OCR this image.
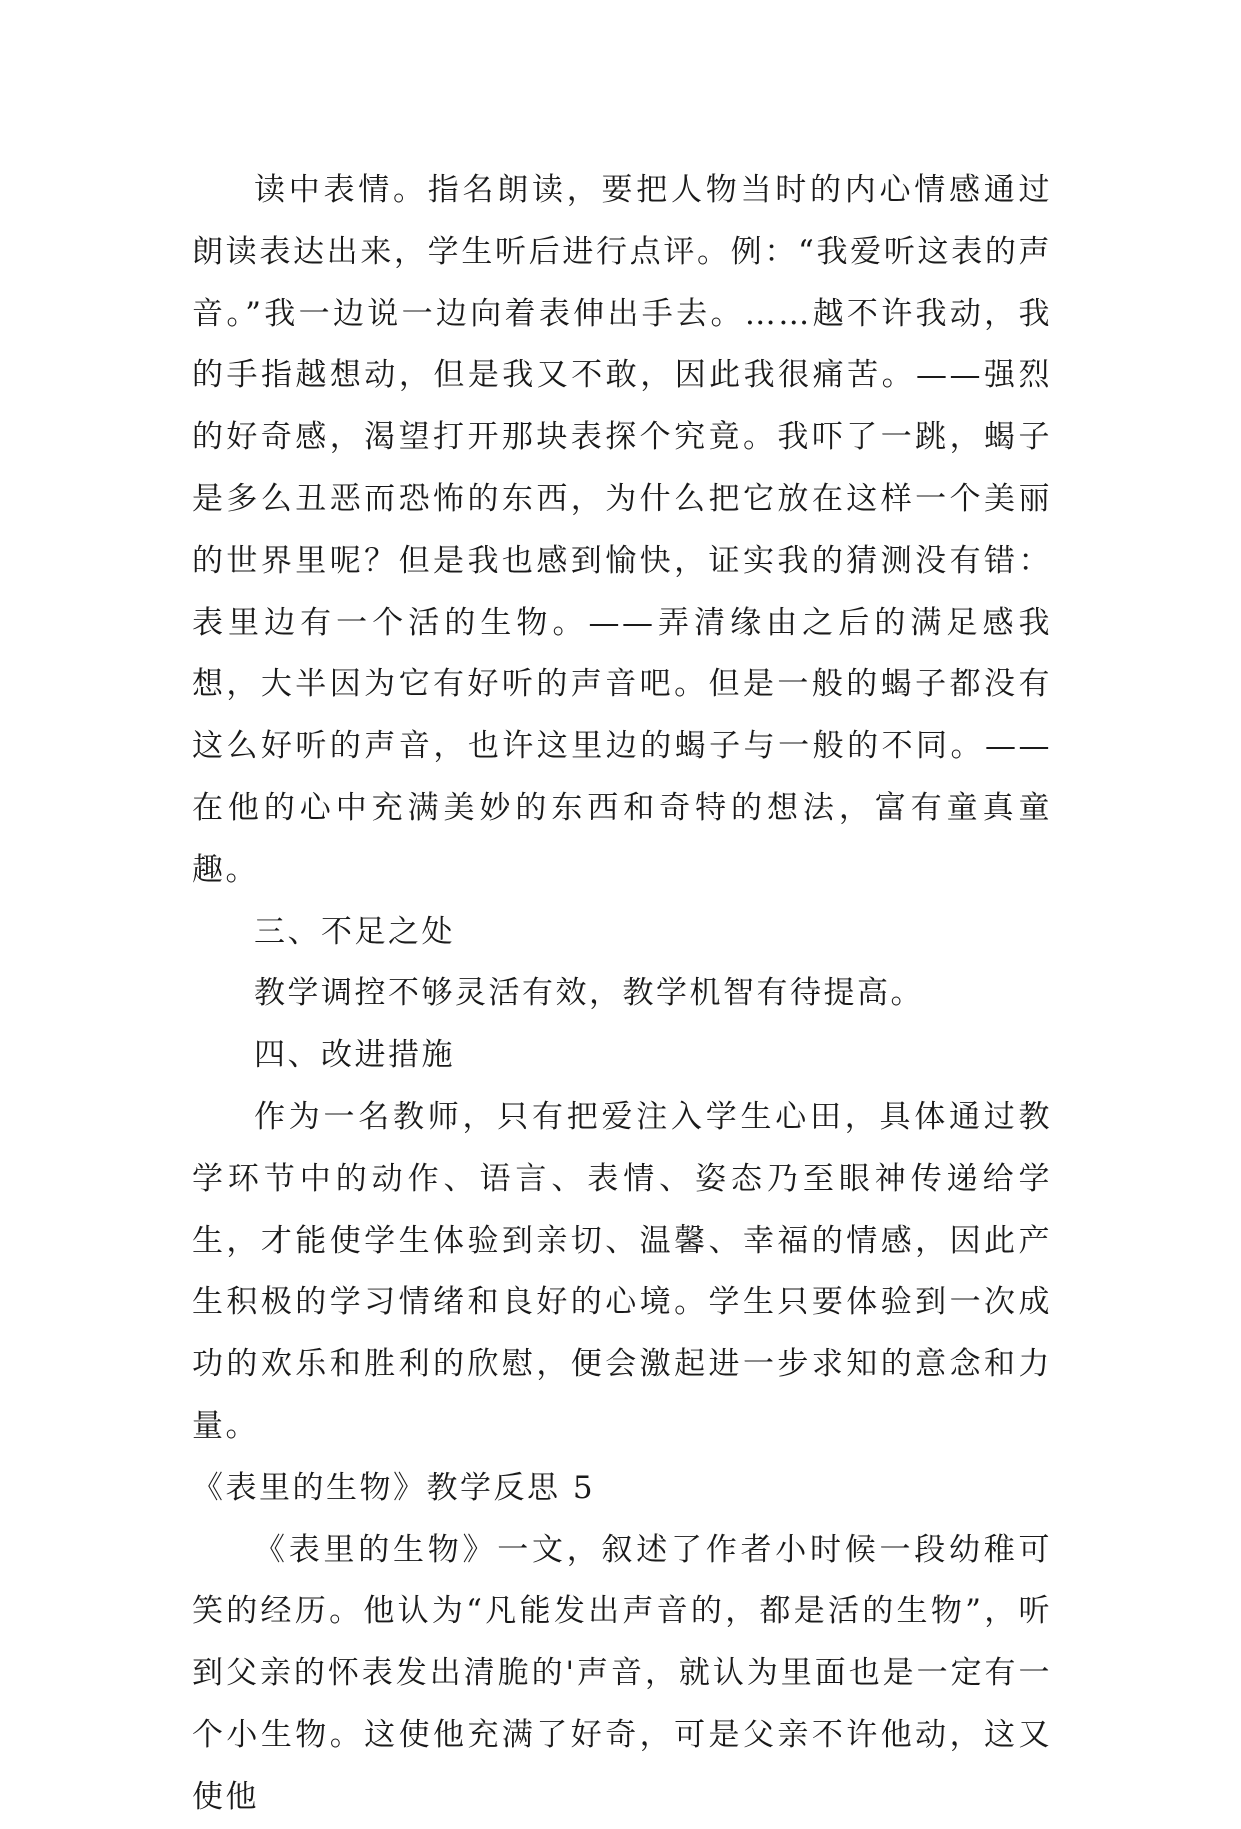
读中表情。指名朗读，要把人物当时的内心情感通过朗读表达出来，学生听后进行点评。例：“我爱听这表的声音。”我一边说一边向着表伸出手去。……越不许我动，我的手指越想动，但是我又不敢，因此我很痛苦。——强烈的好奇感，渴望打开那块表探个究竟。我吓了一跳，蝎子是多么丑恶而恐怖的东西，为什么把它放在这样一个美丽的世界里呢？但是我也感到愉快，证实我的猜测没有错：表里边有一个活的生物。——弄清缘由之后的满足感我想，大半因为它有好听的声音吧。但是一般的蝎子都没有这么好听的声音，也许这里边的蝎子与一般的不同。——在他的心中充满美妙的东西和奇特的想法，富有童真童趣。

三、不足之处

教学调控不够灵活有效，教学机智有待提高。

四、改进措施

作为一名教师，只有把爱注入学生心田，具体通过教学环节中的动作、语言、表情、姿态乃至眼神传递给学生，才能使学生体验到亲切、温馨、幸福的情感，因此产生积极的学习情绪和良好的心境。学生只要体验到一次成功的欢乐和胜利的欣慰，便会激起进一步求知的意念和力量。

《表里的生物》教学反思 5

《表里的生物》一文，叙述了作者小时候一段幼稚可笑的经历。他认为“凡能发出声音的，都是活的生物”，听到父亲的怀表发出清脆的'声音，就认为里面也是一定有一个小生物。这使他充满了好奇，可是父亲不许他动，这又使他
